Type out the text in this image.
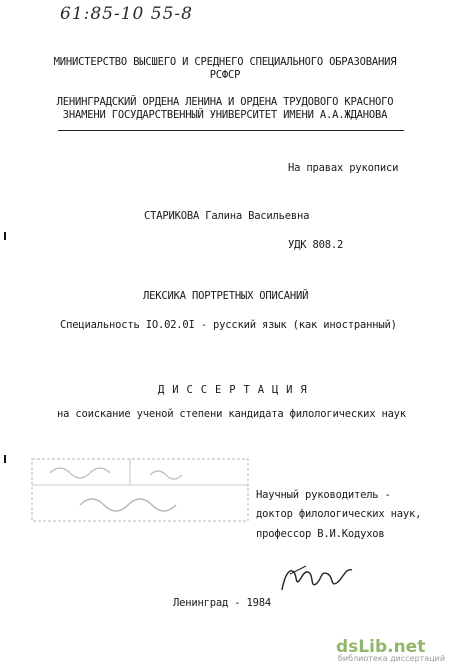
61:85-10 55-8
МИНИСТЕРСТВО ВЫСШЕГО И СРЕДНЕГО СПЕЦИАЛЬНОГО ОБРАЗОВАНИЯ
РСФСР
ЛЕНИНГРАДСКИЙ ОРДЕНА ЛЕНИНА И ОРДЕНА ТРУДОВОГО КРАСНОГО
ЗНАМЕНИ ГОСУДАРСТВЕННЫЙ УНИВЕРСИТЕТ ИМЕНИ А.А.ЖДАНОВА
На правах рукописи
СТАРИКОВА Галина Васильевна
УДК 808.2
ЛЕКСИКА ПОРТРЕТНЫХ ОПИСАНИЙ
Специальность IO.02.0I - русский язык (как иностранный)
Д И С С Е Р Т А Ц И Я
на соискание ученой степени кандидата филологических наук
Научный руководитель -
доктор филологических наук,
профессор В.И.Кодухов
Ленинград - 1984
dsLib.net
библиотека диссертаций
